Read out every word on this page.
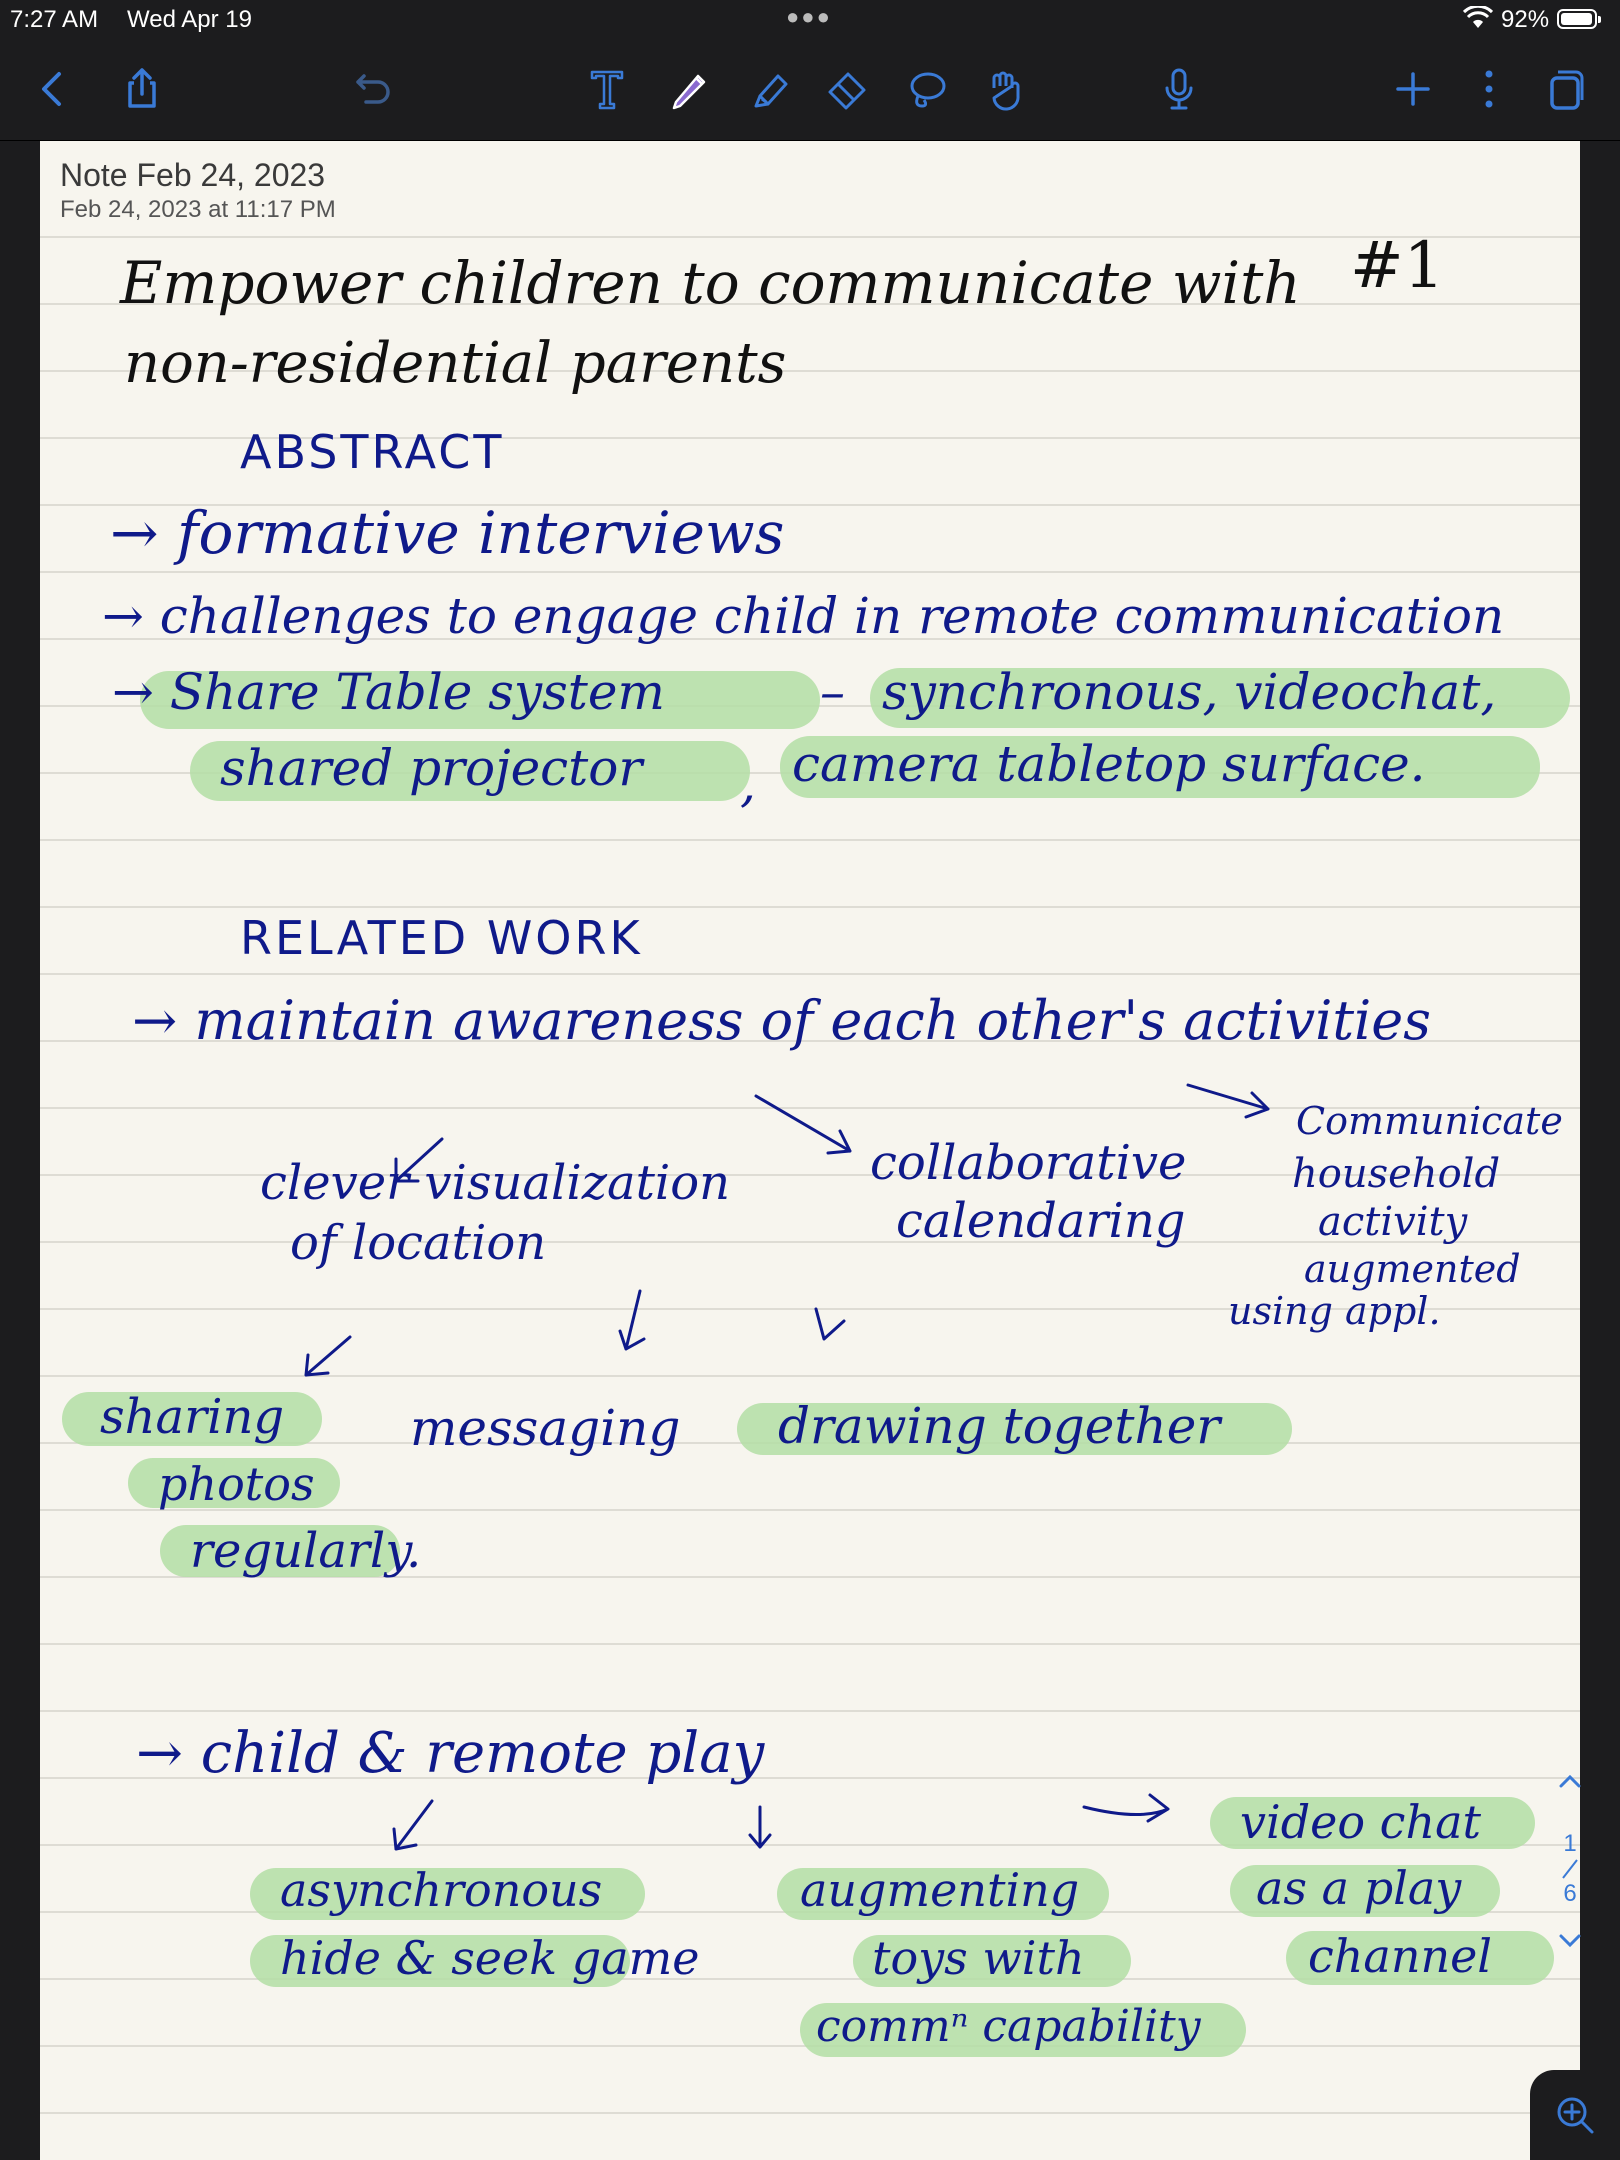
7:27 AM Wed Apr 19	●●●	92%

Note Feb 24, 2023

Feb 24, 2023 at 11:17 PM

#1
Empower children to communicate with
non-residential parents
ABSTRACT
→ formative interviews
→ challenges to engage child in remote communication
→ Share Table system	– synchronous, videochat,
shared projector , camera tabletop surface.
RELATED WORK
→ maintain awareness of each other's activities
clever visualization
of location
collaborative
calendaring
Communicate
household
activity
augmented
using appl.
sharing
photos
regularly.
messaging drawing together
→ child & remote play
asynchronous
hide & seek game
augmenting
toys with
commⁿ capability
video chat
as a play
channel
1
6
